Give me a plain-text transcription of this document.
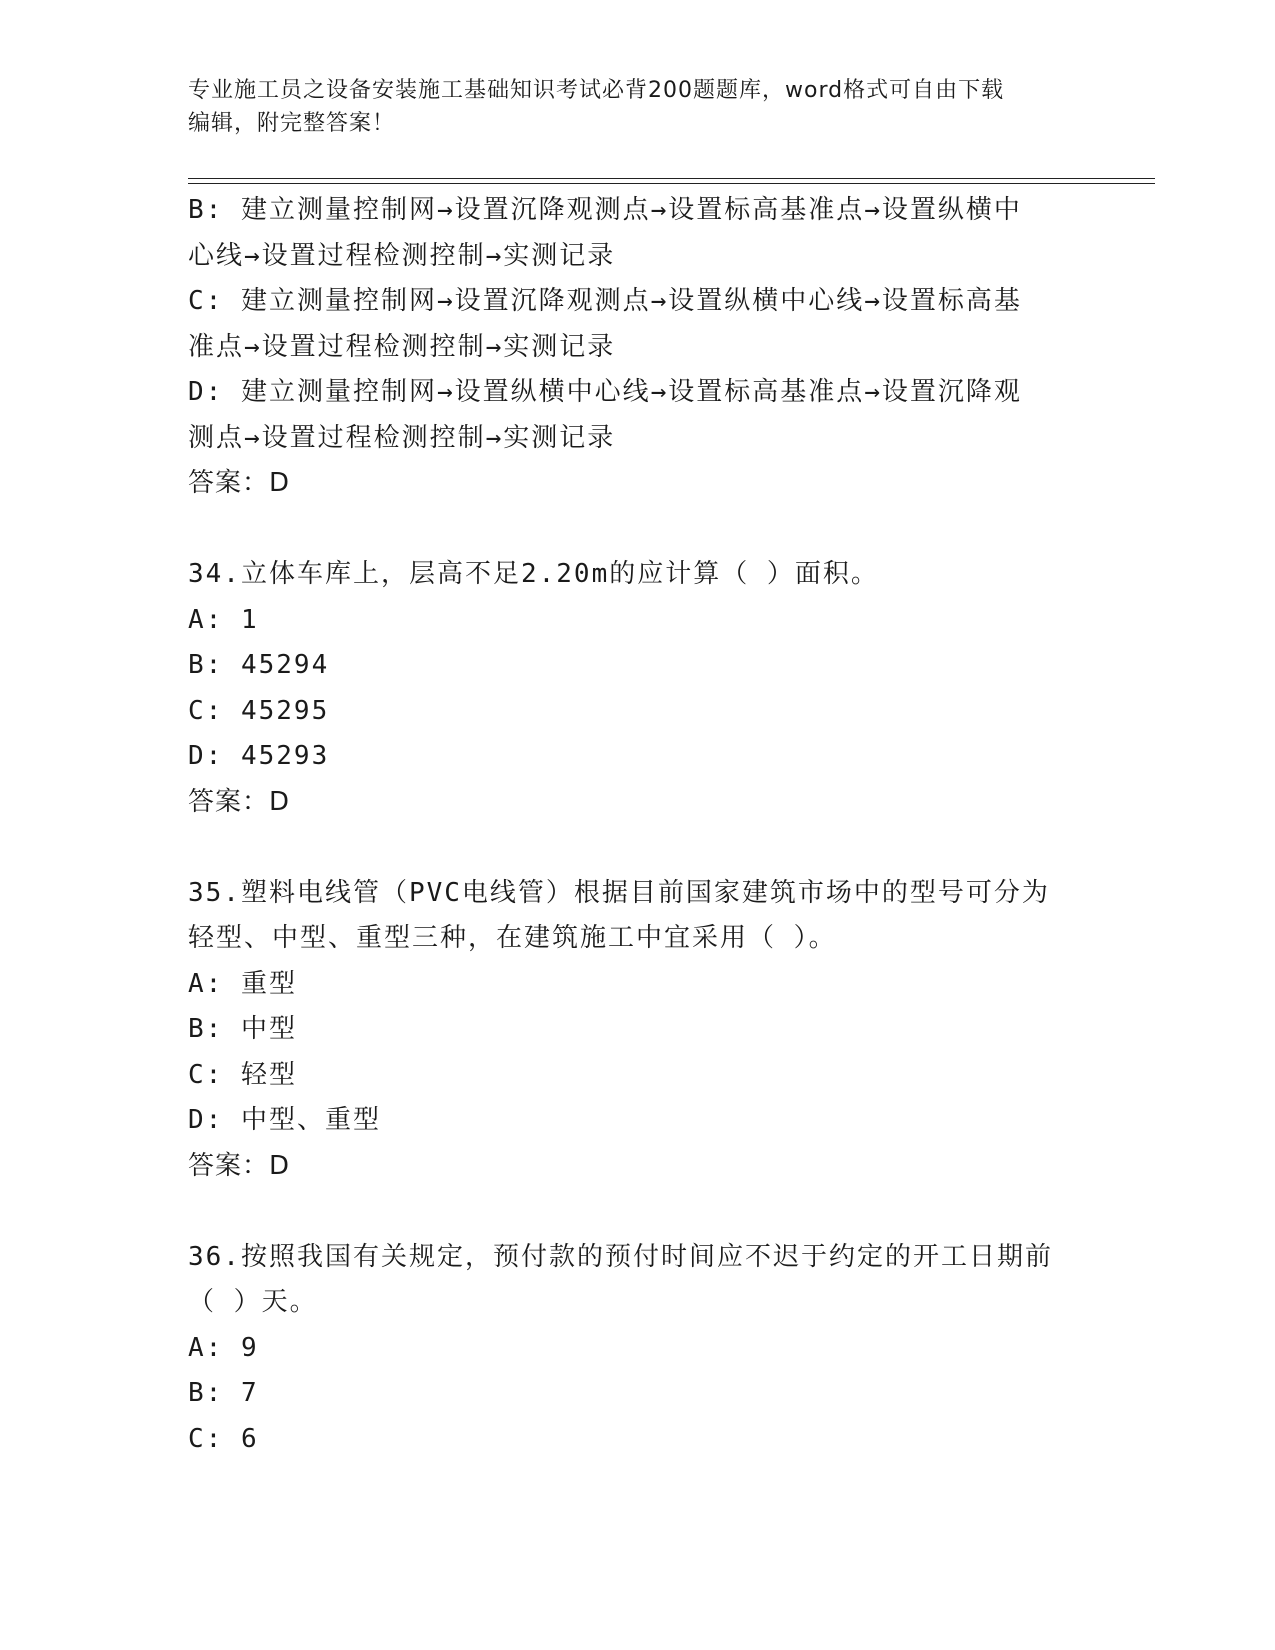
专业施工员之设备安装施工基础知识考试必背200题题库，word格式可自由下载
编辑，附完整答案！
B: 建立测量控制网→设置沉降观测点→设置标高基准点→设置纵横中
心线→设置过程检测控制→实测记录
C: 建立测量控制网→设置沉降观测点→设置纵横中心线→设置标高基
准点→设置过程检测控制→实测记录
D: 建立测量控制网→设置纵横中心线→设置标高基准点→设置沉降观
测点→设置过程检测控制→实测记录
答案：D
34.立体车库上，层高不足2.20m的应计算（ ）面积。
A: 1
B: 45294
C: 45295
D: 45293
答案：D
35.塑料电线管（PVC电线管）根据目前国家建筑市场中的型号可分为
轻型、中型、重型三种，在建筑施工中宜采用（ ）。
A: 重型
B: 中型
C: 轻型
D: 中型、重型
答案：D
36.按照我国有关规定，预付款的预付时间应不迟于约定的开工日期前
（ ）天。
A: 9
B: 7
C: 6
